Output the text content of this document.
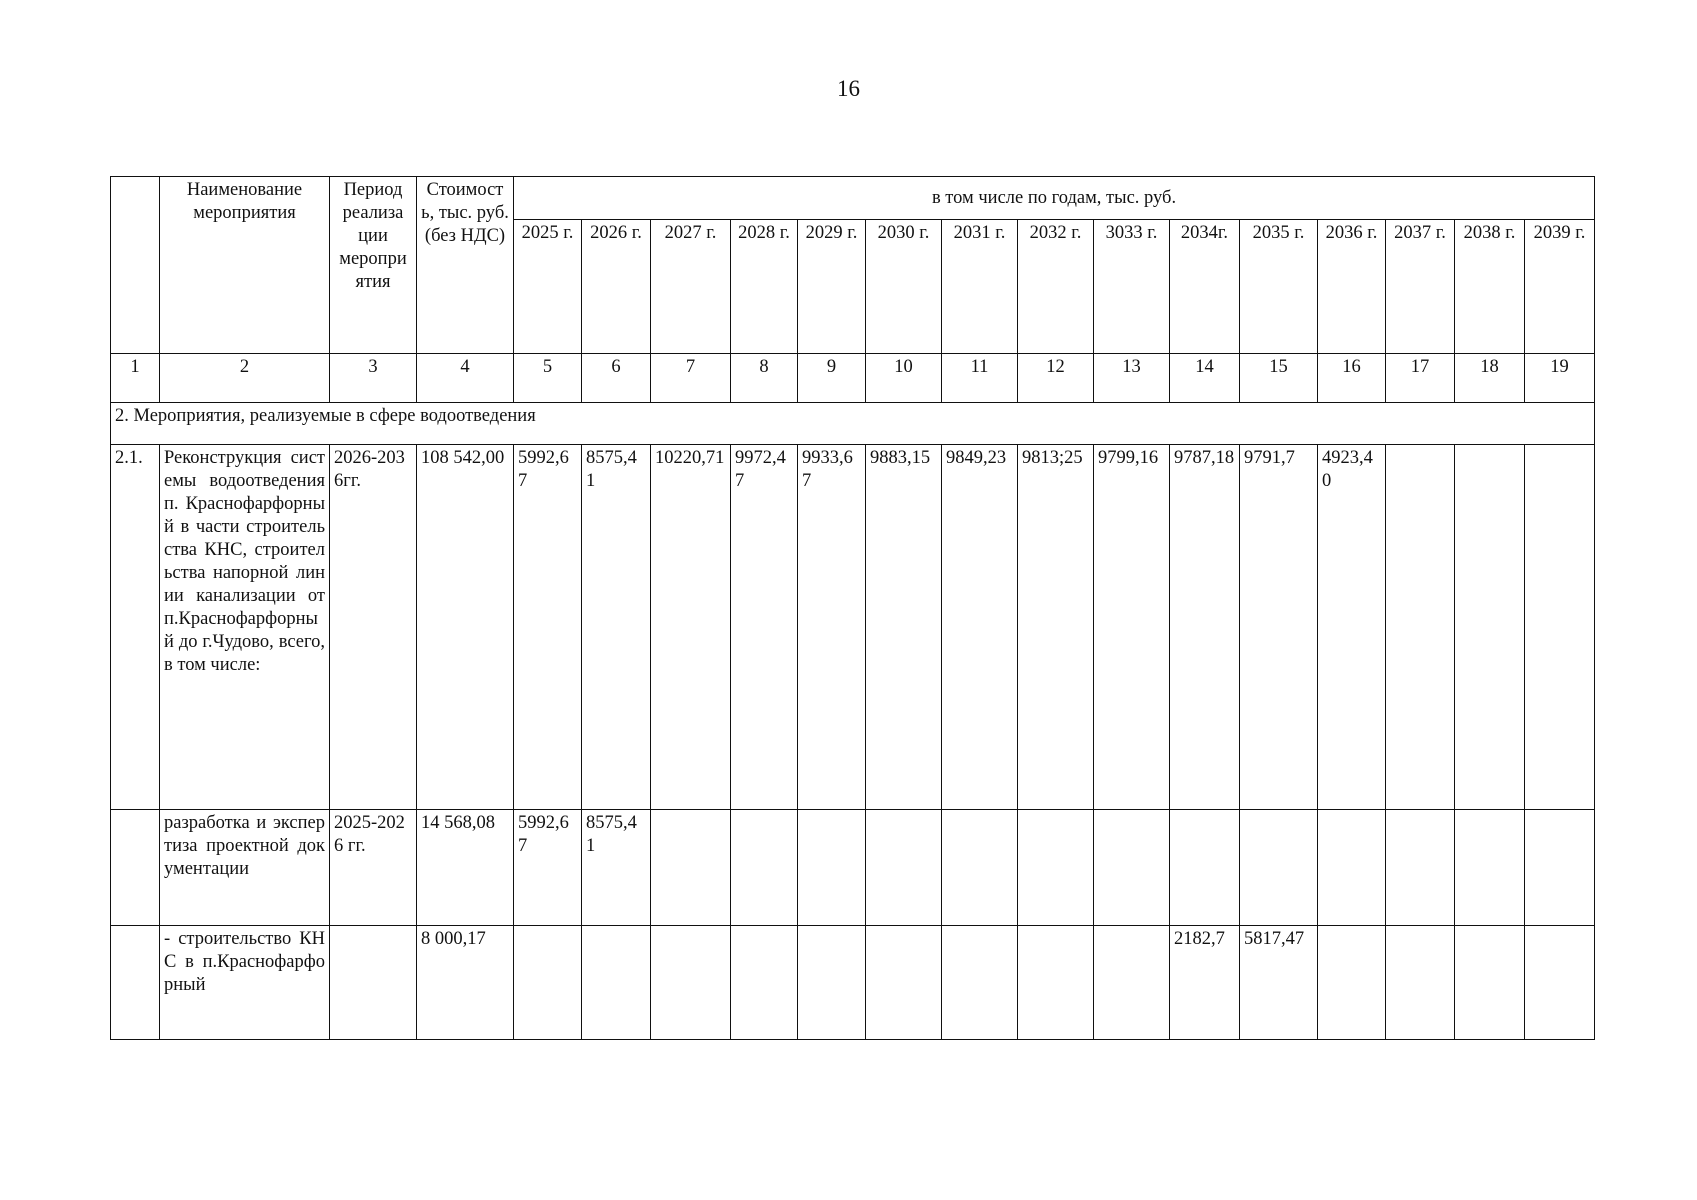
16
	Наименование мероприятия	Период реализа ции меропри ятия	Стоимост ь, тыс. руб. (без НДС)	в том числе по годам, тыс. руб.														
				2025 г.	2026 г.	2027 г.	2028 г.	2029 г.	2030 г.	2031 г.	2032 г.	3033 г.	2034г.	2035 г.	2036 г.	2037 г.	2038 г.	2039 г.
1	2	3	4	5	6	7	8	9	10	11	12	13	14	15	16	17	18	19
2. Мероприятия, реализуемые в сфере водоотведения																		
2.1.	Реконструкция системы водоотведения п. Краснофарфорный в части строительства КНС, строительства напорной линии канализации от п.Краснофарфорный до г.Чудово, всего, в том числе:	2026-2036гг.	108 542,00	5992,67	8575,41	10220,71	9972,47	9933,67	9883,15	9849,23	9813;25	9799,16	9787,18	9791,7	4923,40			
	разработка и экспертиза проектной документации	2025-2026 гг.	14 568,08	5992,67	8575,41													
	- строительство КНС в п.Краснофарфорный		8 000,17										2182,7	5817,47				
